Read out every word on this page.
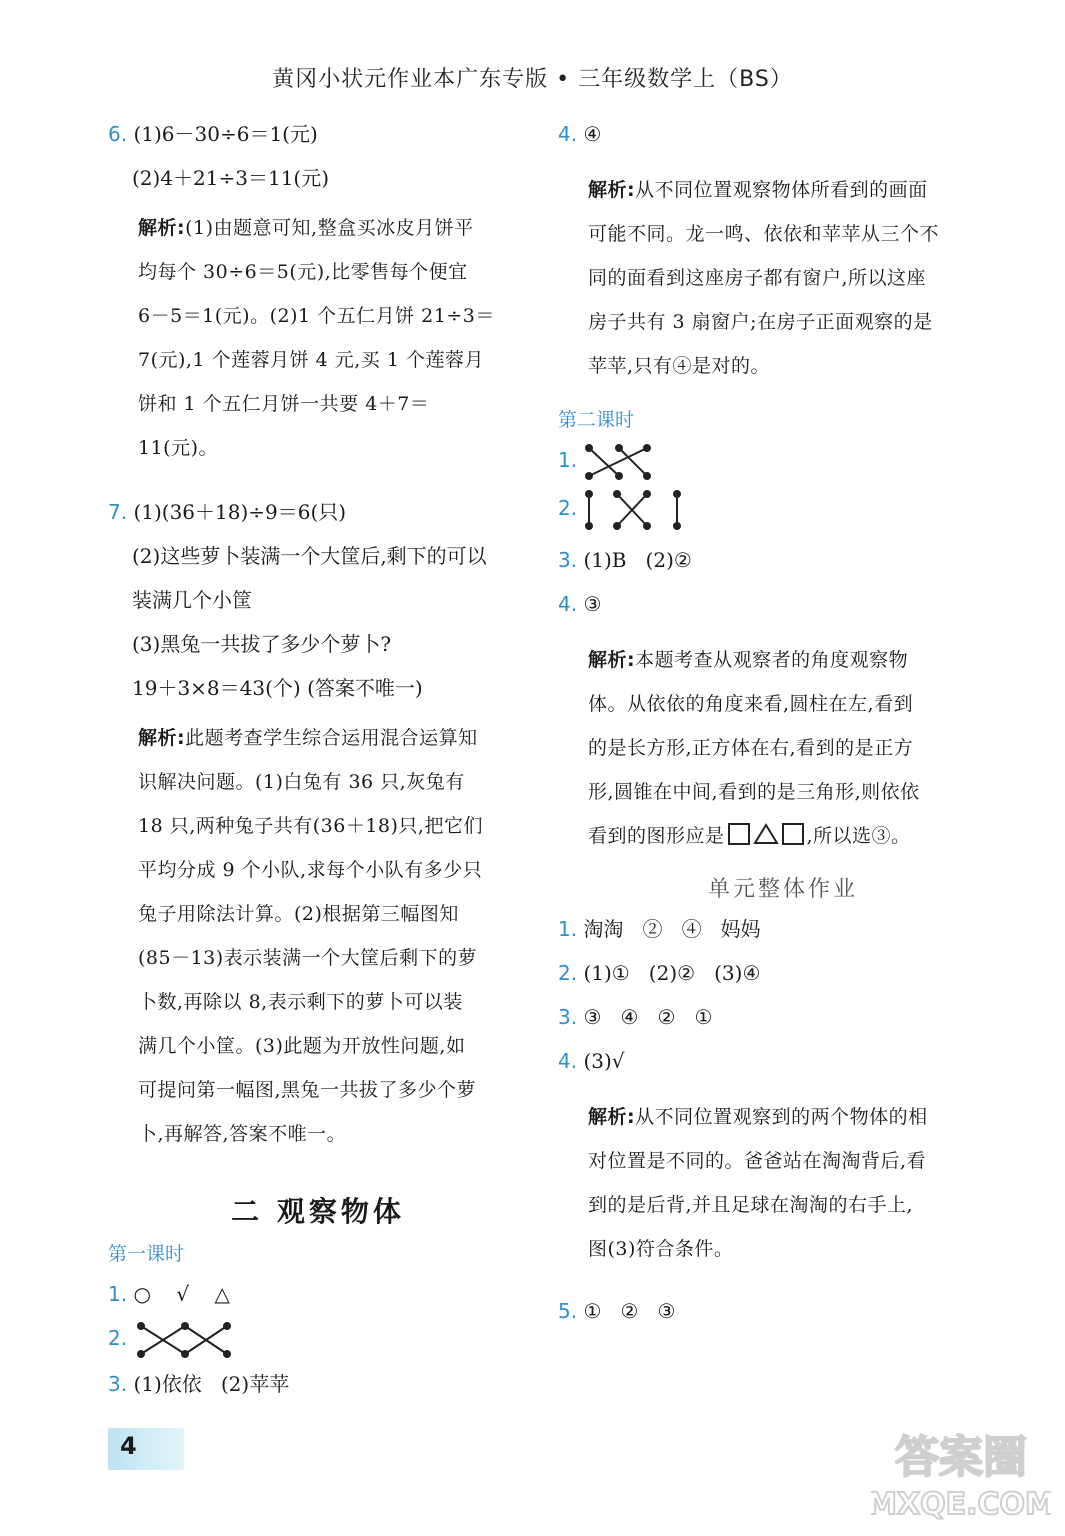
黄冈小状元作业本广东专版 • 三年级数学上（BS）
6. (1)6－30÷6＝1(元)
(2)4＋21÷3＝11(元)
解析:(1)由题意可知,整盒买冰皮月饼平
均每个 30÷6＝5(元),比零售每个便宜
6－5＝1(元)。(2)1 个五仁月饼 21÷3＝
7(元),1 个莲蓉月饼 4 元,买 1 个莲蓉月
饼和 1 个五仁月饼一共要 4＋7＝
11(元)。
7. (1)(36＋18)÷9＝6(只)
(2)这些萝卜装满一个大筐后,剩下的可以
装满几个小筐
(3)黑兔一共拔了多少个萝卜?
19＋3×8＝43(个) (答案不唯一)
解析:此题考查学生综合运用混合运算知
识解决问题。(1)白兔有 36 只,灰兔有
18 只,两种兔子共有(36＋18)只,把它们
平均分成 9 个小队,求每个小队有多少只
兔子用除法计算。(2)根据第三幅图知
(85－13)表示装满一个大筐后剩下的萝
卜数,再除以 8,表示剩下的萝卜可以装
满几个小筐。(3)此题为开放性问题,如
可提问第一幅图,黑兔一共拔了多少个萝
卜,再解答,答案不唯一。
二 观察物体
第一课时
1. ○ √ △
2.
3. (1)依依 (2)苹苹
4. ④
解析:从不同位置观察物体所看到的画面
可能不同。龙一鸣、依依和苹苹从三个不
同的面看到这座房子都有窗户,所以这座
房子共有 3 扇窗户;在房子正面观察的是
苹苹,只有④是对的。
第二课时
1.
2.
3. (1)B   (2)②
4. ③
解析:本题考查从观察者的角度观察物
体。从依依的角度来看,圆柱在左,看到
的是长方形,正方体在右,看到的是正方
形,圆锥在中间,看到的是三角形,则依依
看到的图形应是	,所以选③。
单元整体作业
1. 淘淘   ②   ④   妈妈
2. (1)①   (2)②   (3)④
3. ③   ④   ②   ①
4. (3)√
解析:从不同位置观察到的两个物体的相
对位置是不同的。爸爸站在淘淘背后,看
到的是后背,并且足球在淘淘的右手上,
图(3)符合条件。
5. ①   ②   ③
4	答案圈
MXQE.COM
